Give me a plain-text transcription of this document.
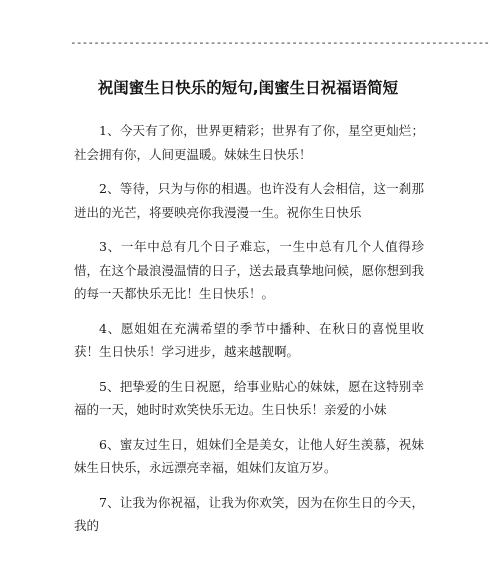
------------------------------------------------------------------------
祝闺蜜生日快乐的短句,闺蜜生日祝福语简短

1、今天有了你，世界更精彩；世界有了你，星空更灿烂；社会拥有你，人间更温暖。妹妹生日快乐！

2、等待，只为与你的相遇。也许没有人会相信，这一刹那迸出的光芒，将要映亮你我漫漫一生。祝你生日快乐

3、一年中总有几个日子难忘，一生中总有几个人值得珍惜，在这个最浪漫温情的日子，送去最真挚地问候，愿你想到我的每一天都快乐无比！生日快乐！。

4、愿姐姐在充满希望的季节中播种、在秋日的喜悦里收获！生日快乐！学习进步，越来越靓啊。

5、把挚爱的生日祝愿，给事业贴心的妹妹，愿在这特别幸福的一天，她时时欢笑快乐无边。生日快乐！亲爱的小妹

6、蜜友过生日，姐妹们全是美女，让他人好生羡慕，祝妹妹生日快乐，永远漂亮幸福，姐妹们友谊万岁。

7、让我为你祝福，让我为你欢笑，因为在你生日的今天，我的
